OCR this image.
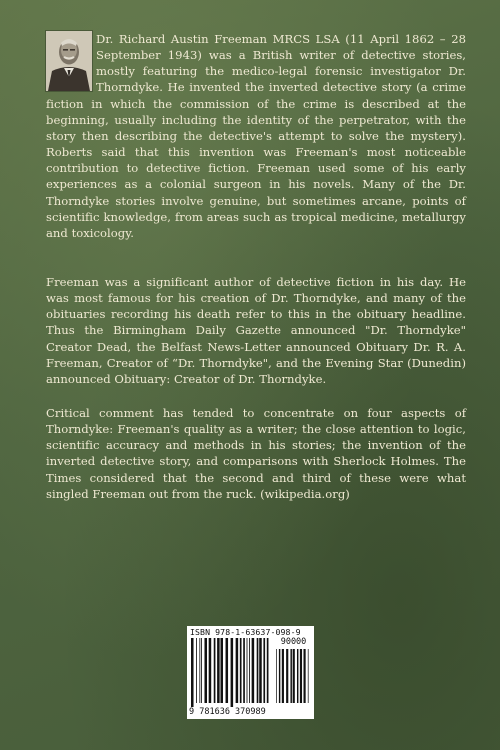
Dr. Richard Austin Freeman MRCS LSA (11 April 1862 – 28 September 1943) was a British writer of detective stories, mostly featuring the medico-legal forensic investigator Dr. Thorndyke. He invented the inverted detective story (a crime fiction in which the commission of the crime is described at the beginning, usually including the identity of the perpetrator, with the story then describing the detective's attempt to solve the mystery). Roberts said that this invention was Freeman's most noticeable contribution to detective fiction. Freeman used some of his early experiences as a colonial surgeon in his novels. Many of the Dr. Thorndyke stories involve genuine, but sometimes arcane, points of scientific knowledge, from areas such as tropical medicine, metallurgy and toxicology.

Freeman was a significant author of detective fiction in his day. He was most famous for his creation of Dr. Thorndyke, and many of the obituaries recording his death refer to this in the obituary headline. Thus the Birmingham Daily Gazette announced "Dr. Thorndyke" Creator Dead, the Belfast News-Letter announced Obituary Dr. R. A. Freeman, Creator of “Dr. Thorndyke", and the Evening Star (Dunedin) announced Obituary: Creator of Dr. Thorndyke.

Critical comment has tended to concentrate on four aspects of Thorndyke: Freeman's quality as a writer; the close attention to logic, scientific accuracy and methods in his stories; the invention of the inverted detective story, and comparisons with Sherlock Holmes. The Times considered that the second and third of these were what singled Freeman out from the ruck. (wikipedia.org)

ISBN 978-1-63637-098-9
90000
9 781636 370989
